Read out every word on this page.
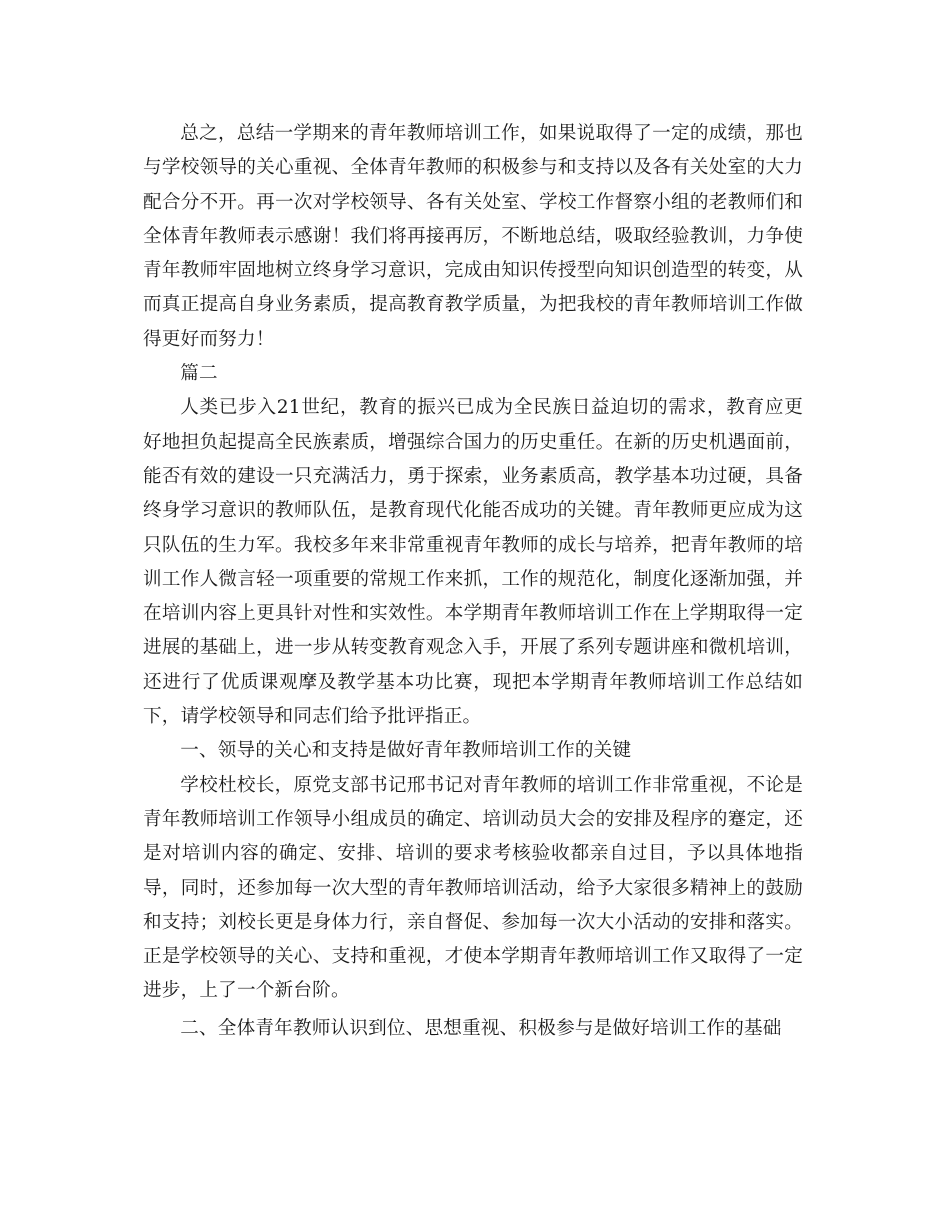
总之，总结一学期来的青年教师培训工作，如果说取得了一定的成绩，那也与学校领导的关心重视、全体青年教师的积极参与和支持以及各有关处室的大力配合分不开。再一次对学校领导、各有关处室、学校工作督察小组的老教师们和全体青年教师表示感谢！我们将再接再厉，不断地总结，吸取经验教训，力争使青年教师牢固地树立终身学习意识，完成由知识传授型向知识创造型的转变，从而真正提高自身业务素质，提高教育教学质量，为把我校的青年教师培训工作做得更好而努力！

篇二

人类已步入21世纪，教育的振兴已成为全民族日益迫切的需求，教育应更好地担负起提高全民族素质，增强综合国力的历史重任。在新的历史机遇面前，能否有效的建设一只充满活力，勇于探索，业务素质高，教学基本功过硬，具备终身学习意识的教师队伍，是教育现代化能否成功的关键。青年教师更应成为这只队伍的生力军。我校多年来非常重视青年教师的成长与培养，把青年教师的培训工作人微言轻一项重要的常规工作来抓，工作的规范化，制度化逐渐加强，并在培训内容上更具针对性和实效性。本学期青年教师培训工作在上学期取得一定进展的基础上，进一步从转变教育观念入手，开展了系列专题讲座和微机培训，还进行了优质课观摩及教学基本功比赛，现把本学期青年教师培训工作总结如下，请学校领导和同志们给予批评指正。

一、领导的关心和支持是做好青年教师培训工作的关键

学校杜校长，原党支部书记邢书记对青年教师的培训工作非常重视，不论是青年教师培训工作领导小组成员的确定、培训动员大会的安排及程序的蹇定，还是对培训内容的确定、安排、培训的要求考核验收都亲自过目，予以具体地指导，同时，还参加每一次大型的青年教师培训活动，给予大家很多精神上的鼓励和支持；刘校长更是身体力行，亲自督促、参加每一次大小活动的安排和落实。正是学校领导的关心、支持和重视，才使本学期青年教师培训工作又取得了一定进步，上了一个新台阶。

二、全体青年教师认识到位、思想重视、积极参与是做好培训工作的基础
